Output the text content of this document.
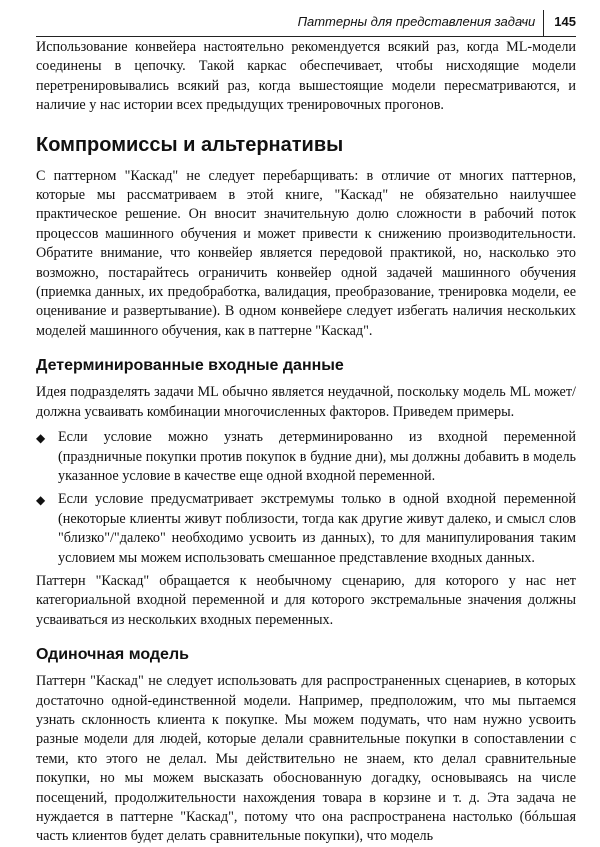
Паттерны для представления задачи	145

Использование конвейера настоятельно рекомендуется всякий раз, когда ML-модели соединены в цепочку. Такой каркас обеспечивает, чтобы нисходящие модели перетренировывались всякий раз, когда вышестоящие модели пересматриваются, и наличие у нас истории всех предыдущих тренировочных прогонов.

Компромиссы и альтернативы

С паттерном "Каскад" не следует перебарщивать: в отличие от многих паттернов, которые мы рассматриваем в этой книге, "Каскад" не обязательно наилучшее практическое решение. Он вносит значительную долю сложности в рабочий поток процессов машинного обучения и может привести к снижению производительности. Обратите внимание, что конвейер является передовой практикой, но, насколько это возможно, постарайтесь ограничить конвейер одной задачей машинного обучения (приемка данных, их предобработка, валидация, преобразование, тренировка модели, ее оценивание и развертывание). В одном конвейере следует избегать наличия нескольких моделей машинного обучения, как в паттерне "Каскад".

Детерминированные входные данные

Идея подразделять задачи ML обычно является неудачной, поскольку модель ML может/должна усваивать комбинации многочисленных факторов. Приведем примеры.

◆ Если условие можно узнать детерминированно из входной переменной (праздничные покупки против покупок в будние дни), мы должны добавить в модель указанное условие в качестве еще одной входной переменной.
◆ Если условие предусматривает экстремумы только в одной входной переменной (некоторые клиенты живут поблизости, тогда как другие живут далеко, и смысл слов "близко"/"далеко" необходимо усвоить из данных), то для манипулирования таким условием мы можем использовать смешанное представление входных данных.

Паттерн "Каскад" обращается к необычному сценарию, для которого у нас нет категориальной входной переменной и для которого экстремальные значения должны усваиваться из нескольких входных переменных.

Одиночная модель

Паттерн "Каскад" не следует использовать для распространенных сценариев, в которых достаточно одной-единственной модели. Например, предположим, что мы пытаемся узнать склонность клиента к покупке. Мы можем подумать, что нам нужно усвоить разные модели для людей, которые делали сравнительные покупки в сопоставлении с теми, кто этого не делал. Мы действительно не знаем, кто делал сравнительные покупки, но мы можем высказать обоснованную догадку, основываясь на числе посещений, продолжительности нахождения товара в корзине и т. д. Эта задача не нуждается в паттерне "Каскад", потому что она распространена настолько (бóльшая часть клиентов будет делать сравнительные покупки), что модель
